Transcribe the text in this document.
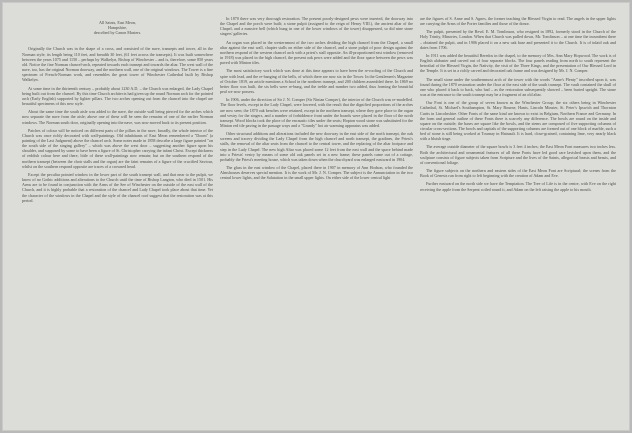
All Saints, East Meon,
Hampshire,
described by Canon Masters.

Originally the Church was in the shape of a cross, and consisted of the nave, transepts and tower, all in the Norman style; its length being 110 feet, and breadth 30 feet, (61 feet across the transepts). It was built somewhere between the years 1075 and 1150 – perhaps by Walkelyn, Bishop of Winchester – and is, therefore, some 850 years old. Notice the fine Norman chancel-arch, repeated towards each transept and towards the altar. The west wall of the nave, too, has the original Norman doorway, and the northern wall, one of the original windows. The Tower is a fine specimen of French-Norman work, and resembles the great tower of Winchester Cathedral built by Bishop Walkelyn.

At some time in the thirteenth century – probably about 1230 A.D. – the Church was enlarged, the Lady Chapel being built out from the chancel. By this time Church architects had given up the round Norman arch for the pointed arch (Early English) supported by lighter pillars. The two arches opening out from the chancel into the chapel are beautiful specimens of this new style.

About the same time the south aisle was added to the nave, the outside wall being pierced for the arches which now separate the nave from the aisle; above one of these will be seen the remains of one of the earlier Norman windows. The Norman south door, originally opening into the nave, was now moved back to its present position.

Patches of colour will be noticed on different parts of the pillars in the nave, broadly, the whole interior of the Church was once richly decorated with wall-paintings. Old inhabitants of East Meon remembered a "Doom" (a painting of the Last Judgment) above the chancel arch. Some notes made in 1858 describe a large figure painted "on the south side of the singing gallery" – which was above the west door – suggesting another figure upon his shoulder, and supposed by some to have been a figure of St. Christopher carrying the infant Christ. Except thickness of reddish colour here and there, little of these wall-paintings now remain; but on the southern respond of the northern transept (between the choir stalls and the organ) are the faint remains of a figure of the crucified Saviour, whilst on the southern respond opposite are traces of a crowned head.

Except the peculiar pointed window in the lower part of the south transept wall, and that near to the pulpit, we know of no Gothic additions and alterations to the Church until the time of Bishop Langton, who died in 1501. His Arms are to be found in conjunction with the Arms of the See of Winchester on the outside of the east wall of the Church, and it is highly probable that a restoration of the chancel and Lady Chapel took place about that time. Yet the character of the windows in the Chapel and the style of the chancel roof suggest that the restoration was at this period.

In 1870 there was very thorough restoration. The present poorly-designed pews were inserted, the doorway into the Chapel and the porch were built; a stone pulpit (assigned to the reign of Henry VIII.), the ancient altar of the Chapel, and a massive bell (which hung in one of the lower windows of the tower) disappeared, so did nine stone singers' galleries.

An organ was placed in the westernmost of the two arches dividing the high chancel from the Chapel, a small altar against the east wall, chapter stalls on either side of the chancel, and a stone pulpit of poor design against the northern respond of the western chancel arch with a priest's stall opposite. An ill-proportioned east window (removed in 1918) was placed in the high chancel, the present oak pews were added and the floor space between the pews was paved with Minton tiles.

The most satisfactory work which was done at this time appears to have been the re-roofing of the Church and spire with lead, and the re-hanging of the bells, of which there are now six in the Tower. In the Gentlemen's Magazine of October 1819, an article mentions a School in the northern transept, and 200 children assembled there. In 1869 no better floor was built, the six bells were re-hung, and the treble and number two added, thus forming the beautiful peal we now possess.

In 1906, under the direction of Sir J. N. Comper (Sir Ninian Comper), the interior of the Church was re-modelled. The floor levels, except in the Lady Chapel, were lowered, with the result that the dignified proportions of the arches are now seen; the 1870 oak benches were retained, except in the northern transept, where they gave place to the organ and vestry for the singers, and a number of forbiddence front under the boards were placed in the floor of the north transept. Wood blocks took the place of the encaustic tiles under the seats; Hopton wood stone was substituted for the Minton red tile paving in the passage ways and a "Grundy" hot air warming apparatus was added.

Other structural additions and alterations included the new doorway in the east side of the north transept, the oak screens and tracery dividing the Lady Chapel from the high chancel and north transept, the gradines, the Priest's stalls, the removal of the altar seats from the chancel to the central tower, and the replacing of the altar footpace and step in the Lady Chapel. The new high Altar was placed some 12 feet from the east wall and the space behind made into a Priests' vestry by means of some old oak panels set in a new frame; these panels came out of a cottage, probably the Priest's meeting house, which was taken down when the churchyard was enlarged eastward in 1904.

The glass in the east window of the Chapel, placed there in 1907 in memory of Ann Hodson, who founded the Almshouses deserves special mention. It is the work of Mr. J. N. Comper. The subject is the Annunciation in the two central lower lights, and the Salutation in the small upper lights. On either side of the lower central light

are the figures of S. Anne and S. Agnes, the former teaching the Blessed Virgin to read. The angels in the upper lights are carrying the Arms of the Porter families and those of the donor.

The pulpit, presented by the Revd. E. M. Tomlinson, who resigned in 1892, formerly stood in the Church of the Holy Trinity, Minories, London. When that Church was pulled down, Mr. Tomlinson – at one time the incumbent there – obtained the pulpit, and in 1906 placed it on a new oak base and presented it to the Church. It is of inlaid oak and dates from 1706.

In 1911 was added the beautiful Reredos in the chapel, to the memory of Mrs. Ann Mary Hopwood. The work is of English alabaster and carved out of four separate blocks. The four panels reading from north to south represent the betrothal of the Blessed Virgin, the Nativity, the visit of the Three Kings, and the presentation of Our Blessed Lord in the Temple. It is set in a richly carved and decorated oak frame and was designed by Mr. J. N. Comper.

The small stone under the southernmost arch of the tower with the words "Anne's Plenty" inscribed upon it, was found during the 1870 restoration under the floor at the east side of the south transept. The vault contained the skull of one who placed it back to back, who had – as the restoration subsequently showed – been buried upright. The stone was at the entrance to the south transept may be a fragment of an old altar.

Our Font is one of the group of seven known as the Winchester Group; the six others being in Winchester Cathedral, St. Michael's Southampton, St. Mary Bourne, Hants, Lincoln Minster, St. Peter's Ipswich and Thornton Curtis in Lincolnshire. Other Fonts of the same kind are known to exist in Belgium, Northern France and Germany. In the form and general outline of these Fonts there is scarcely any difference. The bowls are round on the inside and square on the outside; the bases are square like the bowls, and the stems are composed of five supporting columns of circular cross-sections. The bowls and capitals of the supporting columns are formed out of one block of marble, such a bed of stone is still being worked at Tournay in Hainault. It is hard, close-grained, containing lime, very nearly black with a bluish tinge.

The average outside diameter of the square bowls is 3 feet 4 inches; the East Meon Font measures two inches less. Both the architectural and ornamental features of all these Fonts have led good care lavished upon them, and the sculpture consists of figure subjects taken from Scripture and the lives of the Saints, allegorical beasts and beasts, and of conventional foliage.

The figure subjects on the northern and eastern sides of the East Meon Font are Scriptural; the scenes from the Book of Genesis run from right to left beginning with the creation of Adam and Eve.

Further eastward on the north side we have the Temptation. The Tree of Life is in the centre, with Eve on the right receiving the apple from the Serpent coiled round it, and Adam on the left raising the apple to his mouth.
